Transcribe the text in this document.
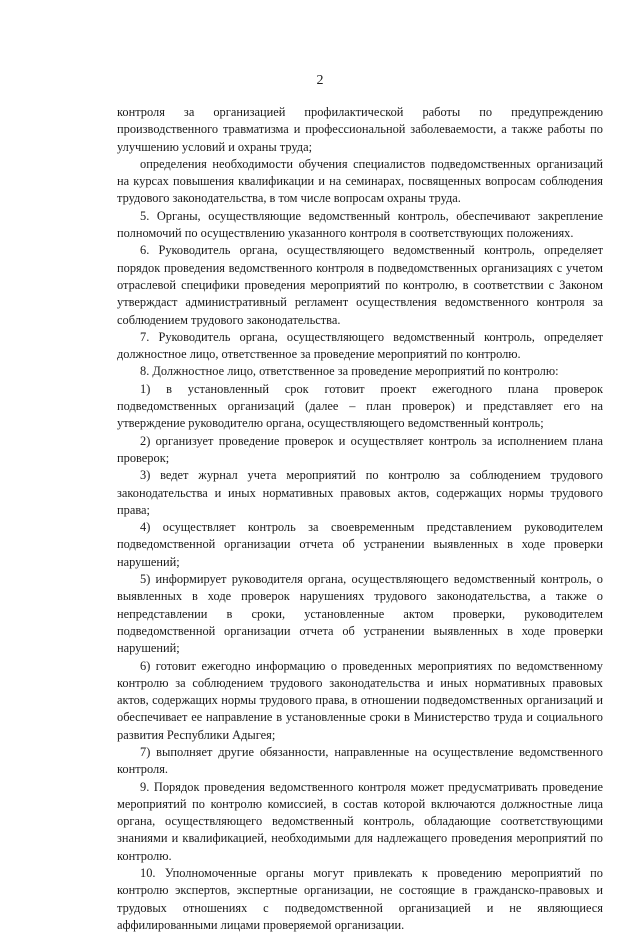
2

контроля за организацией профилактической работы по предупреждению производственного травматизма и профессиональной заболеваемости, а также работы по улучшению условий и охраны труда;

определения необходимости обучения специалистов подведомственных организаций на курсах повышения квалификации и на семинарах, посвященных вопросам соблюдения трудового законодательства, в том числе вопросам охраны труда.

5. Органы, осуществляющие ведомственный контроль, обеспечивают закрепление полномочий по осуществлению указанного контроля в соответствующих положениях.

6. Руководитель органа, осуществляющего ведомственный контроль, определяет порядок проведения ведомственного контроля в подведомственных организациях с учетом отраслевой специфики проведения мероприятий по контролю, в соответствии с Законом утверждаст административный регламент осуществления ведомственного контроля за соблюдением трудового законодательства.

7. Руководитель органа, осуществляющего ведомственный контроль, определяет должностное лицо, ответственное за проведение мероприятий по контролю.

8. Должностное лицо, ответственное за проведение мероприятий по контролю:

1) в установленный срок готовит проект ежегодного плана проверок подведомственных организаций (далее – план проверок) и представляет его на утверждение руководителю органа, осуществляющего ведомственный контроль;

2) организует проведение проверок и осуществляет контроль за исполнением плана проверок;

3) ведет журнал учета мероприятий по контролю за соблюдением трудового законодательства и иных нормативных правовых актов, содержащих нормы трудового права;

4) осуществляет контроль за своевременным представлением руководителем подведомственной организации отчета об устранении выявленных в ходе проверки нарушений;

5) информирует руководителя органа, осуществляющего ведомственный контроль, о выявленных в ходе проверок нарушениях трудового законодательства, а также о непредставлении в сроки, установленные актом проверки, руководителем подведомственной организации отчета об устранении выявленных в ходе проверки нарушений;

6) готовит ежегодно информацию о проведенных мероприятиях по ведомственному контролю за соблюдением трудового законодательства и иных нормативных правовых актов, содержащих нормы трудового права, в отношении подведомственных организаций и обеспечивает ее направление в установленные сроки в Министерство труда и социального развития Республики Адыгея;

7) выполняет другие обязанности, направленные на осуществление ведомственного контроля.

9. Порядок проведения ведомственного контроля может предусматривать проведение мероприятий по контролю комиссией, в состав которой включаются должностные лица органа, осуществляющего ведомственный контроль, обладающие соответствующими знаниями и квалификацией, необходимыми для надлежащего проведения мероприятий по контролю.

10. Уполномоченные органы могут привлекать к проведению мероприятий по контролю экспертов, экспертные организации, не состоящие в гражданско-правовых и трудовых отношениях с подведомственной организацией и не являющиеся аффилированными лицами проверяемой организации.
